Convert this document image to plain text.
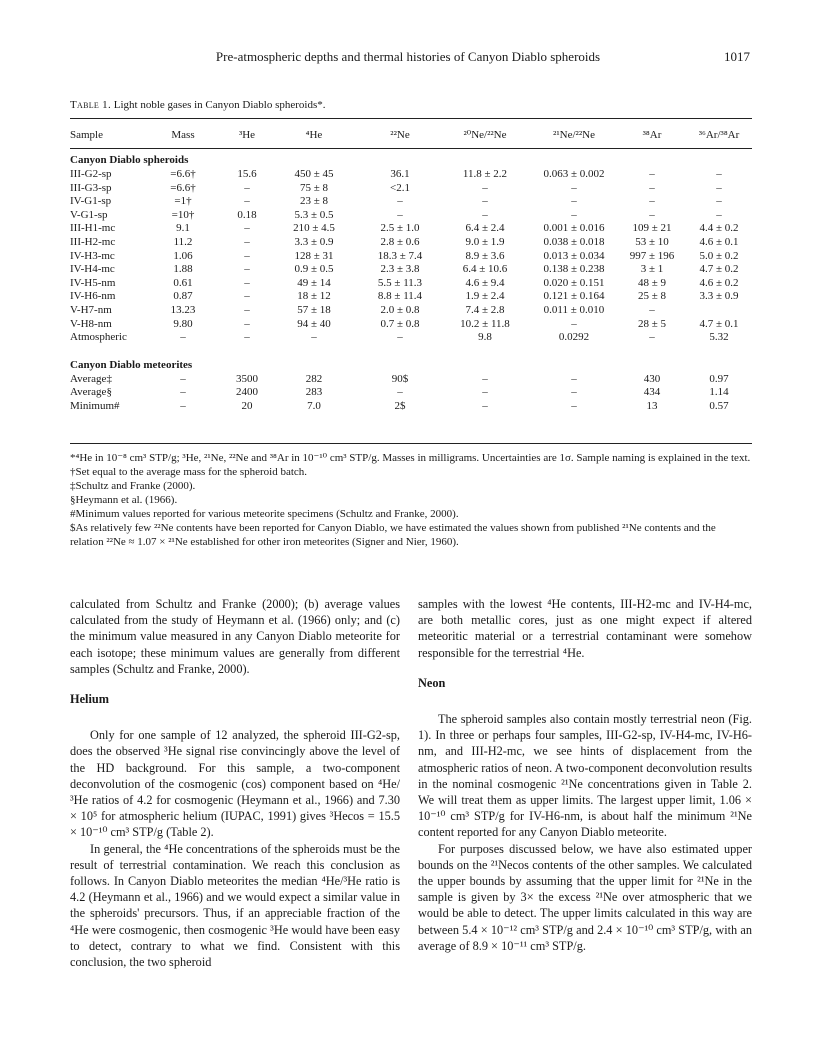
Pre-atmospheric depths and thermal histories of Canyon Diablo spheroids	1017
Table 1. Light noble gases in Canyon Diablo spheroids*.
Sample	Mass	³He	⁴He	²²Ne	²⁰Ne/²²Ne	²¹Ne/²²Ne	³⁸Ar	³⁶Ar/³⁸Ar
Canyon Diablo spheroids								
III-G2-sp	=6.6†	15.6	450 ± 45	36.1	11.8 ± 2.2	0.063 ± 0.002	–	–
III-G3-sp	=6.6†	–	75 ± 8	<2.1	–	–	–	–
IV-G1-sp	=1†	–	23 ± 8	–	–	–	–	–
V-G1-sp	=10†	0.18	5.3 ± 0.5	–	–	–	–	–
III-H1-mc	9.1	–	210 ± 4.5	2.5 ± 1.0	6.4 ± 2.4	0.001 ± 0.016	109 ± 21	4.4 ± 0.2
III-H2-mc	11.2	–	3.3 ± 0.9	2.8 ± 0.6	9.0 ± 1.9	0.038 ± 0.018	53 ± 10	4.6 ± 0.1
IV-H3-mc	1.06	–	128 ± 31	18.3 ± 7.4	8.9 ± 3.6	0.013 ± 0.034	997 ± 196	5.0 ± 0.2
IV-H4-mc	1.88	–	0.9 ± 0.5	2.3 ± 3.8	6.4 ± 10.6	0.138 ± 0.238	3 ± 1	4.7 ± 0.2
IV-H5-nm	0.61	–	49 ± 14	5.5 ± 11.3	4.6 ± 9.4	0.020 ± 0.151	48 ± 9	4.6 ± 0.2
IV-H6-nm	0.87	–	18 ± 12	8.8 ± 11.4	1.9 ± 2.4	0.121 ± 0.164	25 ± 8	3.3 ± 0.9
V-H7-nm	13.23	–	57 ± 18	2.0 ± 0.8	7.4 ± 2.8	0.011 ± 0.010	–	
V-H8-nm	9.80	–	94 ± 40	0.7 ± 0.8	10.2 ± 11.8	–	28 ± 5	4.7 ± 0.1
Atmospheric	–	–	–	–	9.8	0.0292	–	5.32

Canyon Diablo meteorites								
Average‡	–	3500	282	90$	–	–	430	0.97
Average§	–	2400	283	–	–	–	434	1.14
Minimum#	–	20	7.0	2$	–	–	13	0.57

*⁴He in 10⁻⁸ cm³ STP/g; ³He, ²¹Ne, ²²Ne and ³⁸Ar in 10⁻¹⁰ cm³ STP/g. Masses in milligrams. Uncertainties are 1σ. Sample naming is explained in the text.

†Set equal to the average mass for the spheroid batch.

‡Schultz and Franke (2000).

§Heymann et al. (1966).

#Minimum values reported for various meteorite specimens (Schultz and Franke, 2000).

$As relatively few ²²Ne contents have been reported for Canyon Diablo, we have estimated the values shown from published ²¹Ne contents and the relation ²²Ne ≈ 1.07 × ²¹Ne established for other iron meteorites (Signer and Nier, 1960).

calculated from Schultz and Franke (2000); (b) average values calculated from the study of Heymann et al. (1966) only; and (c) the minimum value measured in any Canyon Diablo meteorite for each isotope; these minimum values are generally from different samples (Schultz and Franke, 2000).

Helium

Only for one sample of 12 analyzed, the spheroid III-G2-sp, does the observed ³He signal rise convincingly above the level of the HD background. For this sample, a two-component deconvolution of the cosmogenic (cos) component based on ⁴He/³He ratios of 4.2 for cosmogenic (Heymann et al., 1966) and 7.30 × 10⁵ for atmospheric helium (IUPAC, 1991) gives ³Hecos = 15.5 × 10⁻¹⁰ cm³ STP/g (Table 2).

In general, the ⁴He concentrations of the spheroids must be the result of terrestrial contamination. We reach this conclusion as follows. In Canyon Diablo meteorites the median ⁴He/³He ratio is 4.2 (Heymann et al., 1966) and we would expect a similar value in the spheroids' precursors. Thus, if an appreciable fraction of the ⁴He were cosmogenic, then cosmogenic ³He would have been easy to detect, contrary to what we find. Consistent with this conclusion, the two spheroid

samples with the lowest ⁴He contents, III-H2-mc and IV-H4-mc, are both metallic cores, just as one might expect if altered meteoritic material or a terrestrial contaminant were somehow responsible for the terrestrial ⁴He.

Neon

The spheroid samples also contain mostly terrestrial neon (Fig. 1). In three or perhaps four samples, III-G2-sp, IV-H4-mc, IV-H6-nm, and III-H2-mc, we see hints of displacement from the atmospheric ratios of neon. A two-component deconvolution results in the nominal cosmogenic ²¹Ne concentrations given in Table 2. We will treat them as upper limits. The largest upper limit, 1.06 × 10⁻¹⁰ cm³ STP/g for IV-H6-nm, is about half the minimum ²¹Ne content reported for any Canyon Diablo meteorite.

For purposes discussed below, we have also estimated upper bounds on the ²¹Necos contents of the other samples. We calculated the upper bounds by assuming that the upper limit for ²¹Ne in the sample is given by 3× the excess ²¹Ne over atmospheric that we would be able to detect. The upper limits calculated in this way are between 5.4 × 10⁻¹² cm³ STP/g and 2.4 × 10⁻¹⁰ cm³ STP/g, with an average of 8.9 × 10⁻¹¹ cm³ STP/g.
